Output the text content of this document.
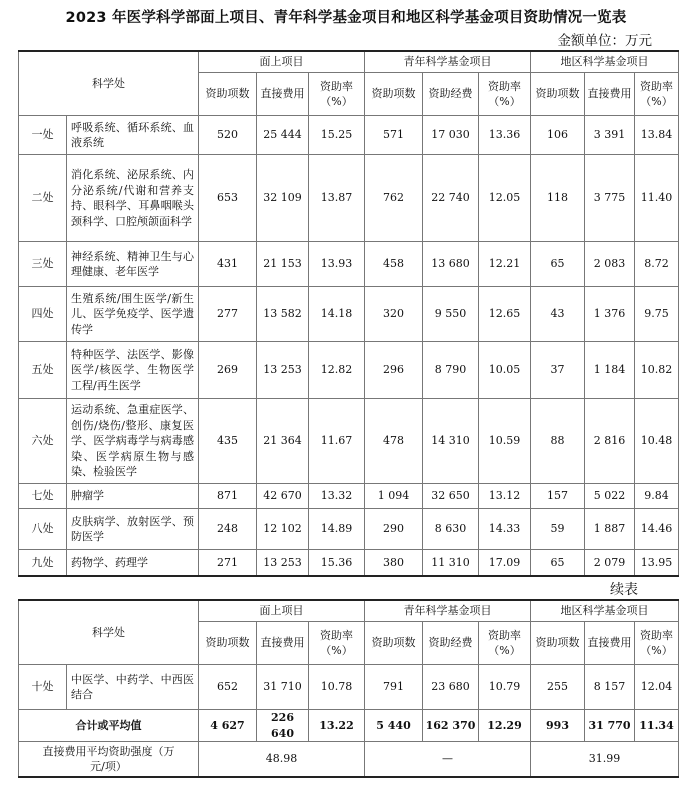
2023 年医学科学部面上项目、青年科学基金项目和地区科学基金项目资助情况一览表
金额单位：万元
科学处		面上项目			青年科学基金项目			地区科学基金项目		
		资助项数	直接费用	资助率（%）	资助项数	资助经费	资助率（%）	资助项数	直接费用	资助率（%）
一处	呼吸系统、循环系统、血液系统	520	25 444	15.25	571	17 030	13.36	106	3 391	13.84
二处	消化系统、泌尿系统、内分泌系统/代谢和营养支持、眼科学、耳鼻咽喉头颈科学、口腔颅颌面科学	653	32 109	13.87	762	22 740	12.05	118	3 775	11.40
三处	神经系统、精神卫生与心理健康、老年医学	431	21 153	13.93	458	13 680	12.21	65	2 083	8.72
四处	生殖系统/围生医学/新生儿、医学免疫学、医学遗传学	277	13 582	14.18	320	9 550	12.65	43	1 376	9.75
五处	特种医学、法医学、影像医学/核医学、生物医学工程/再生医学	269	13 253	12.82	296	8 790	10.05	37	1 184	10.82
六处	运动系统、急重症医学、创伤/烧伤/整形、康复医学、医学病毒学与病毒感染、医学病原生物与感染、检验医学	435	21 364	11.67	478	14 310	10.59	88	2 816	10.48
七处	肿瘤学	871	42 670	13.32	1 094	32 650	13.12	157	5 022	9.84
八处	皮肤病学、放射医学、预防医学	248	12 102	14.89	290	8 630	14.33	59	1 887	14.46
九处	药物学、药理学	271	13 253	15.36	380	11 310	17.09	65	2 079	13.95
续表
科学处		面上项目			青年科学基金项目			地区科学基金项目		
		资助项数	直接费用	资助率（%）	资助项数	资助经费	资助率（%）	资助项数	直接费用	资助率（%）
十处	中医学、中药学、中西医结合	652	31 710	10.78	791	23 680	10.79	255	8 157	12.04
合计或平均值		4 627	226 640	13.22	5 440	162 370	12.29	993	31 770	11.34
直接费用平均资助强度（万元/项）		48.98			—			31.99		
